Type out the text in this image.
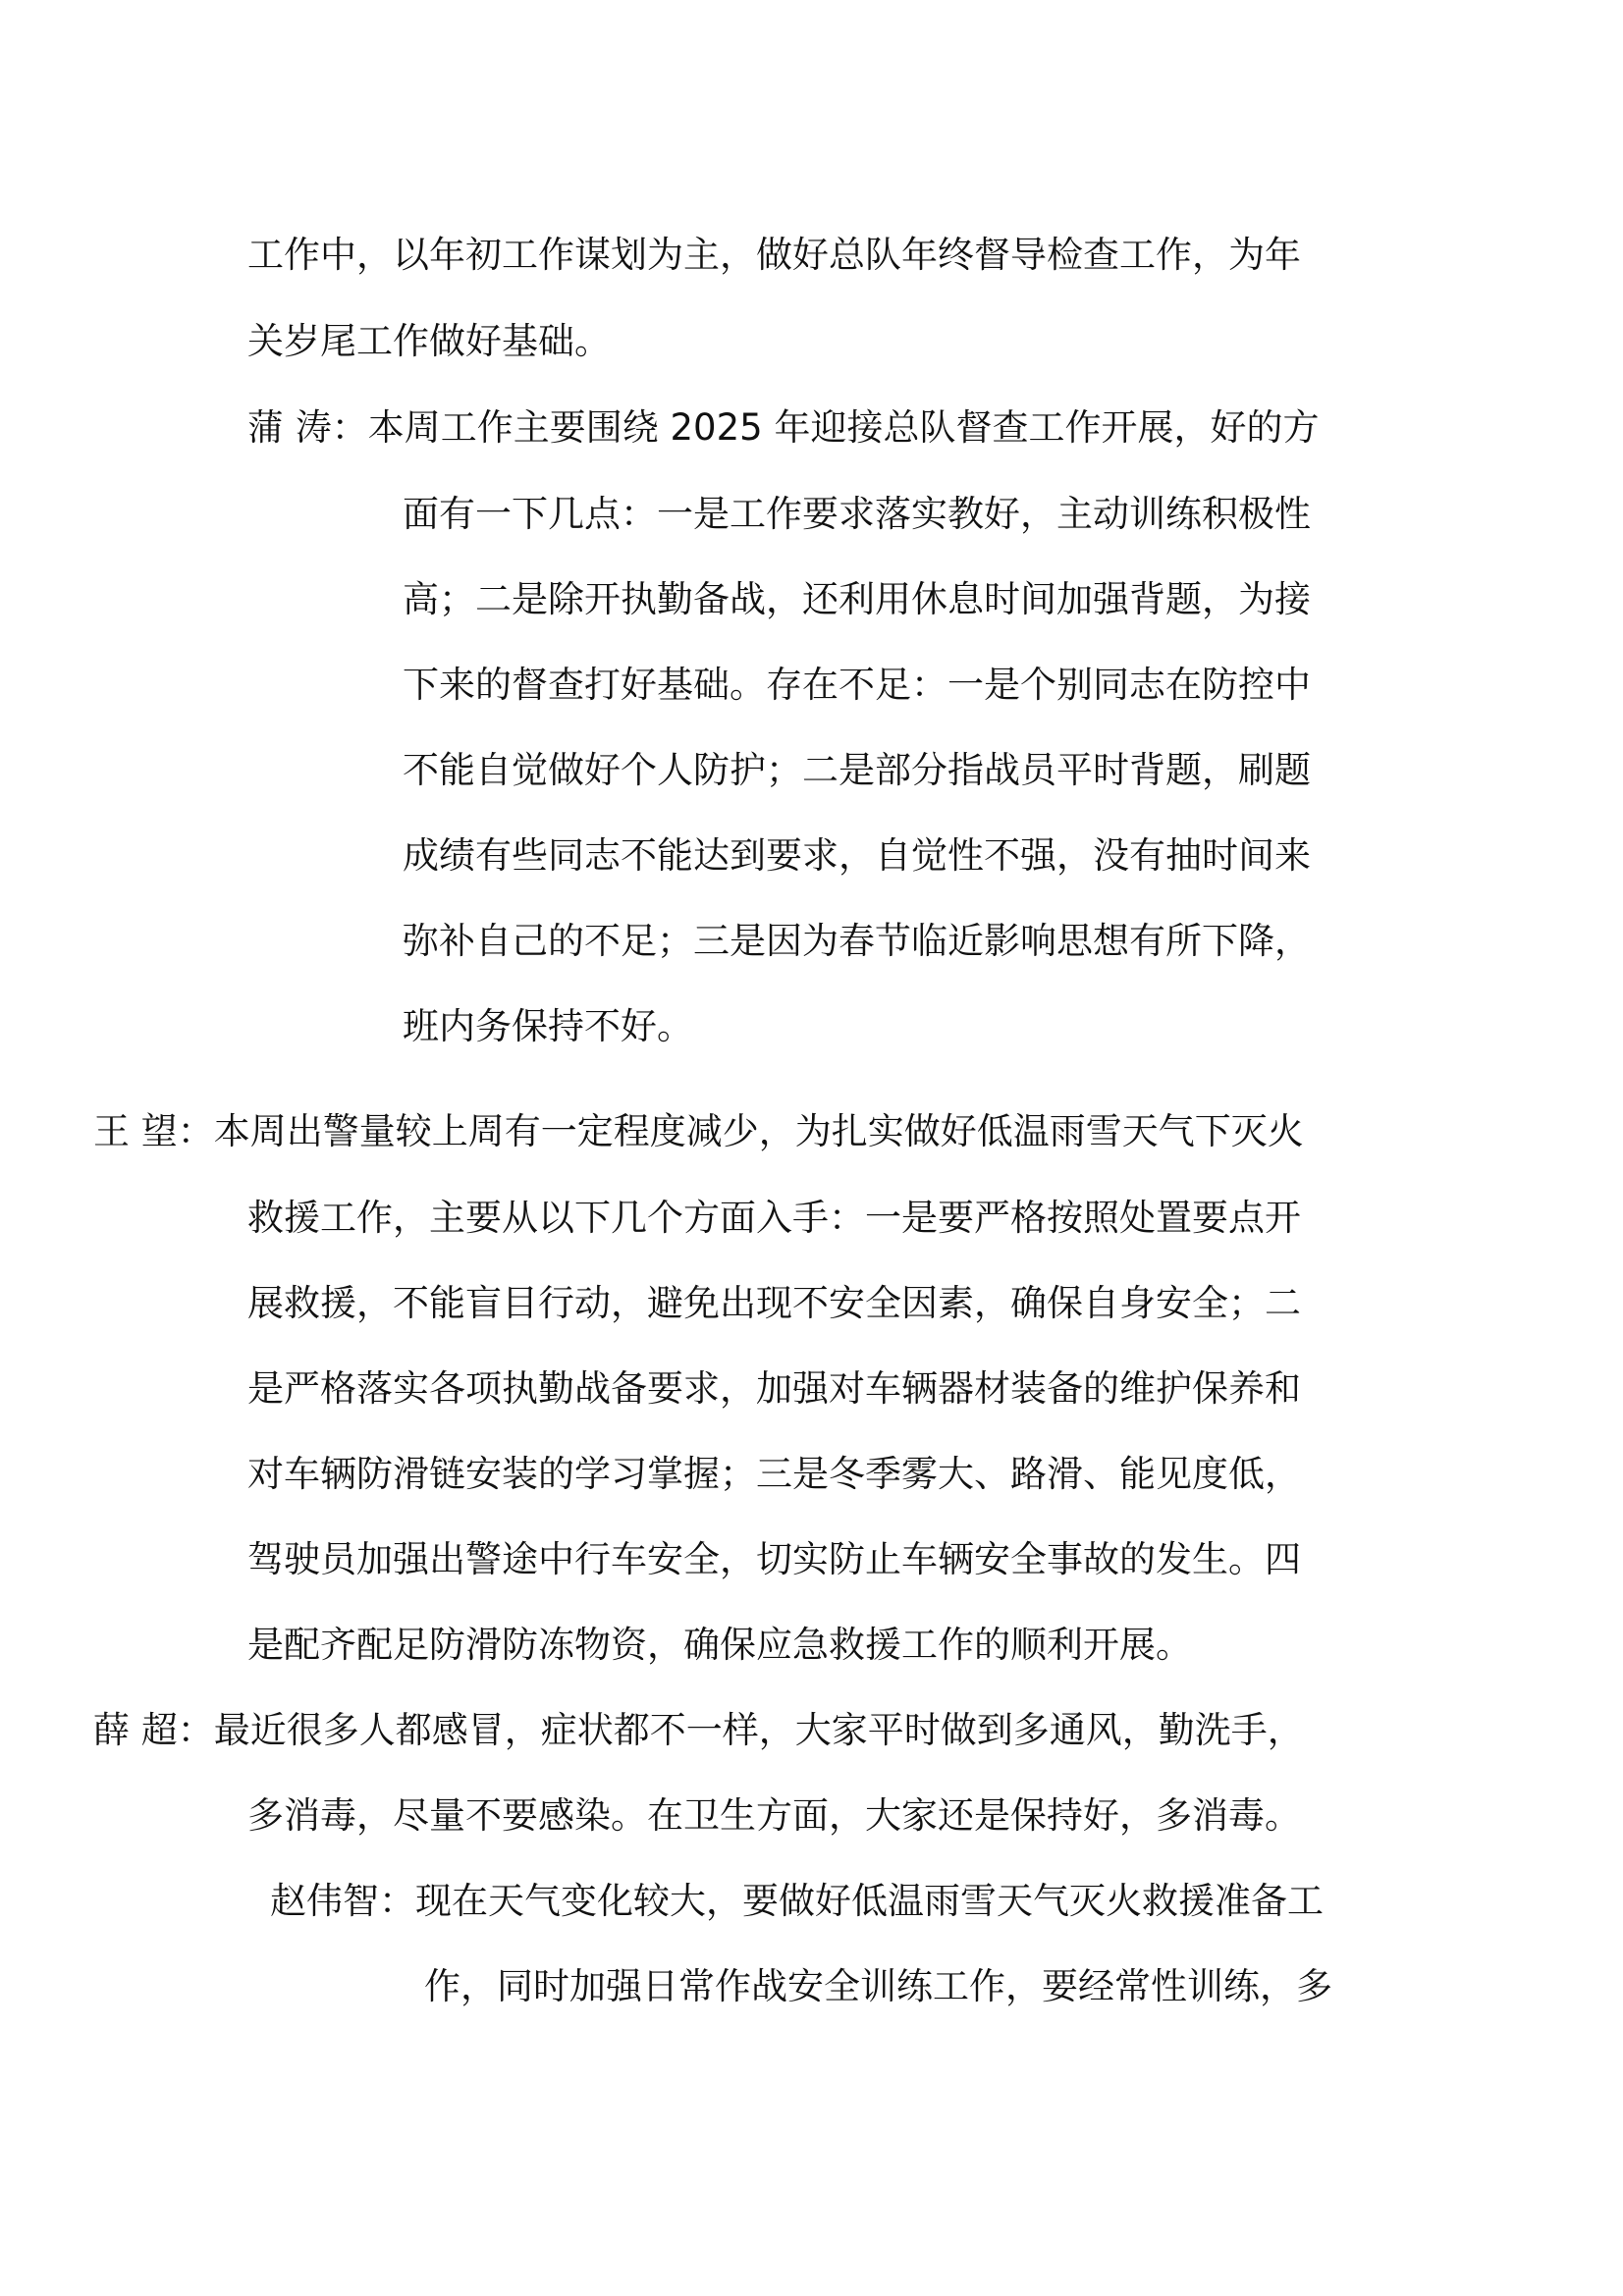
工作中，以年初工作谋划为主，做好总队年终督导检查工作，为年
关岁尾工作做好基础。
蒲 涛：本周工作主要围绕 2025 年迎接总队督查工作开展，好的方
面有一下几点：一是工作要求落实教好，主动训练积极性
高；二是除开执勤备战，还利用休息时间加强背题，为接
下来的督查打好基础。存在不足：一是个别同志在防控中
不能自觉做好个人防护；二是部分指战员平时背题，刷题
成绩有些同志不能达到要求，自觉性不强，没有抽时间来
弥补自己的不足；三是因为春节临近影响思想有所下降，
班内务保持不好。
王 望：本周出警量较上周有一定程度减少，为扎实做好低温雨雪天气下灭火
救援工作，主要从以下几个方面入手：一是要严格按照处置要点开
展救援，不能盲目行动，避免出现不安全因素，确保自身安全；二
是严格落实各项执勤战备要求，加强对车辆器材装备的维护保养和
对车辆防滑链安装的学习掌握；三是冬季雾大、路滑、能见度低，
驾驶员加强出警途中行车安全，切实防止车辆安全事故的发生。四
是配齐配足防滑防冻物资，确保应急救援工作的顺利开展。
薛 超：最近很多人都感冒，症状都不一样，大家平时做到多通风，勤洗手，
多消毒，尽量不要感染。在卫生方面，大家还是保持好，多消毒。
赵伟智：现在天气变化较大，要做好低温雨雪天气灭火救援准备工
作，同时加强日常作战安全训练工作，要经常性训练，多
